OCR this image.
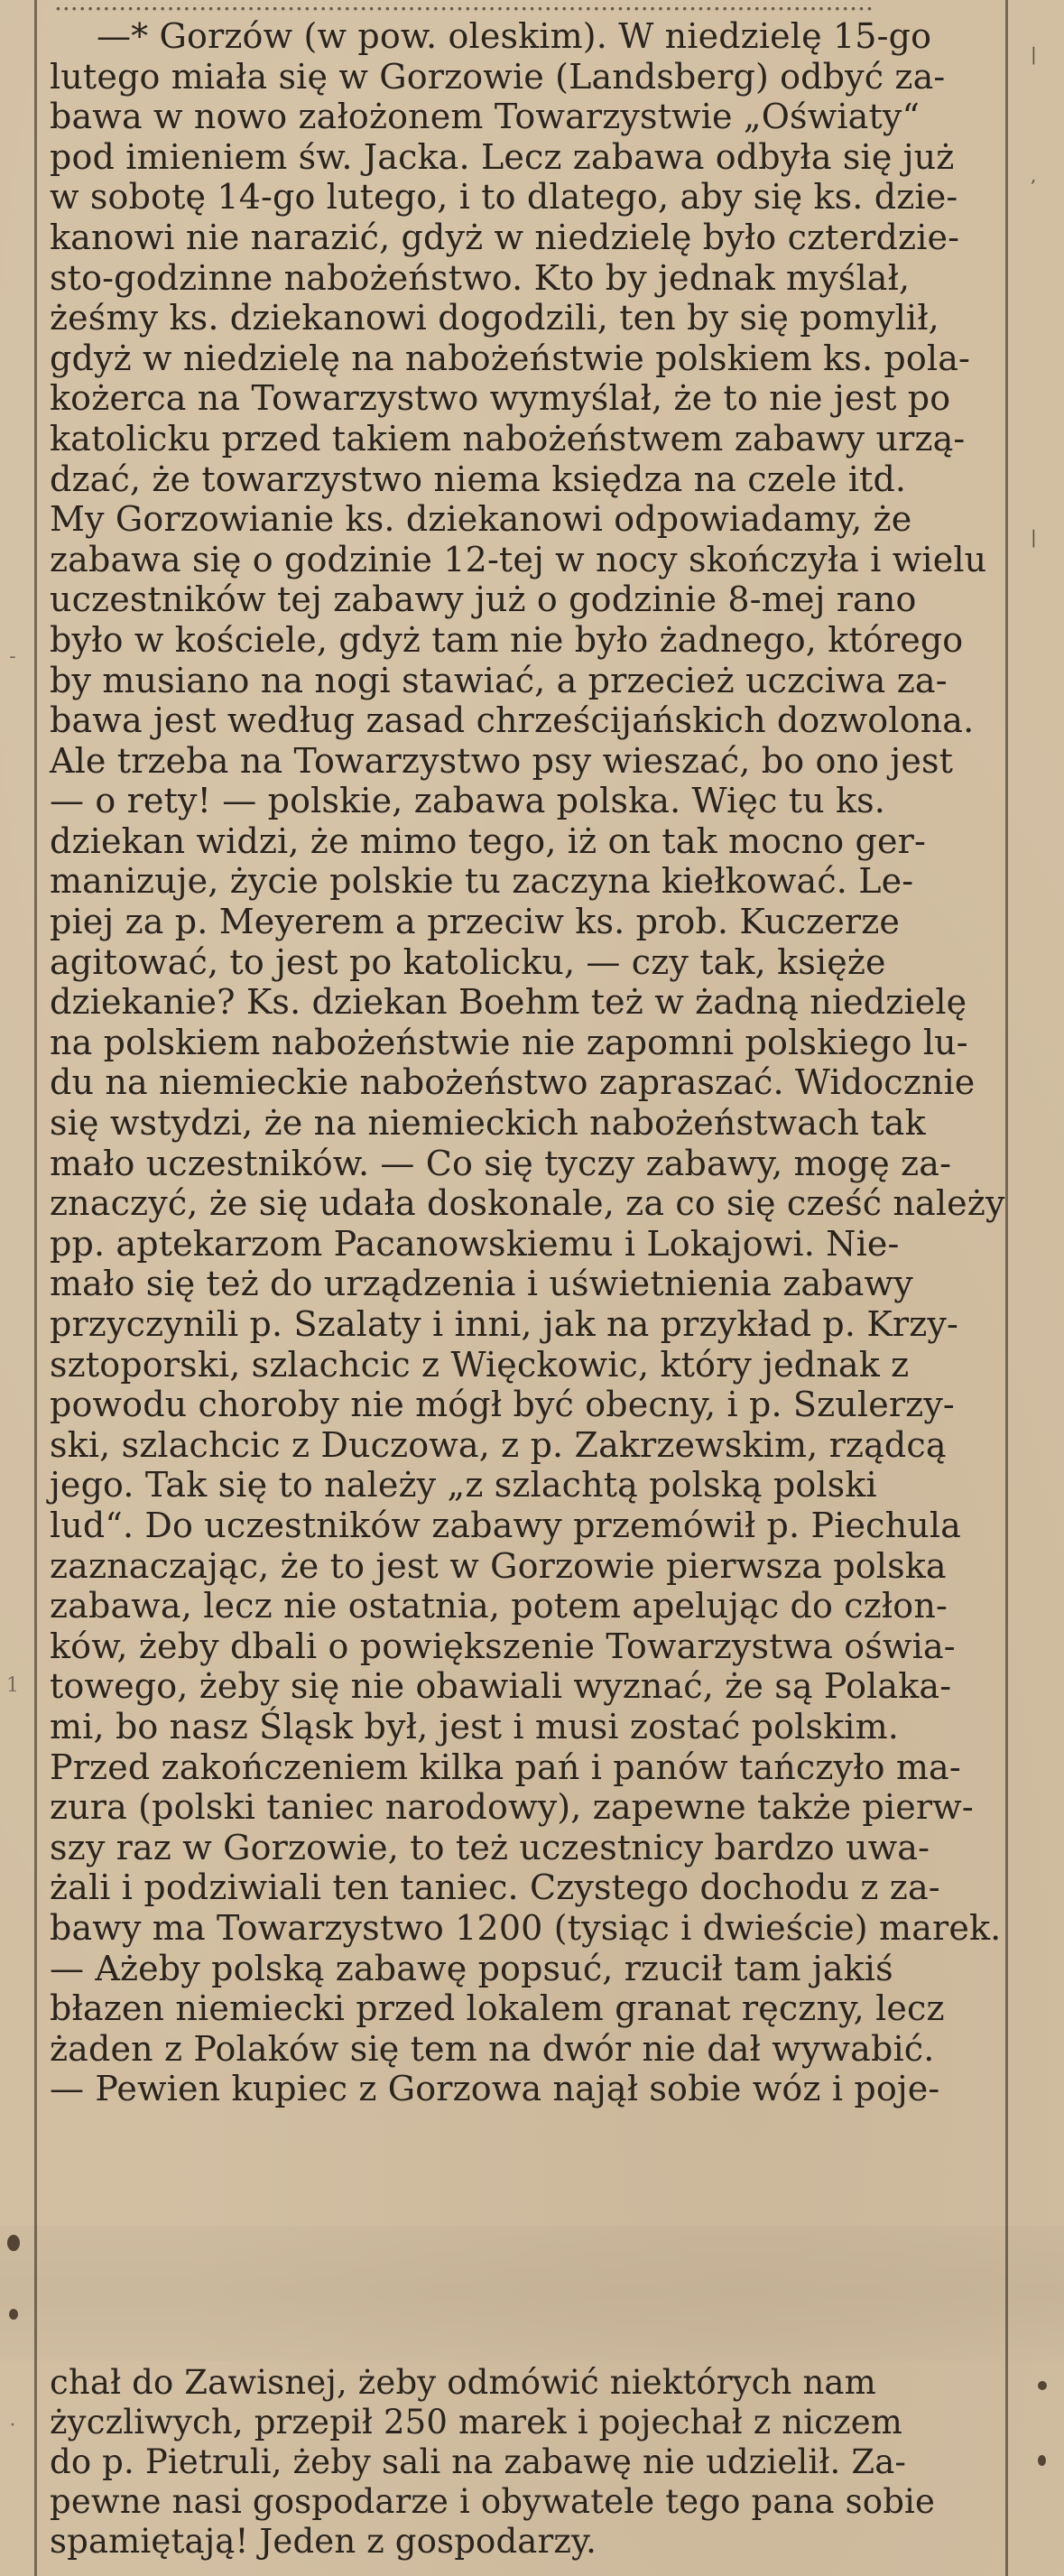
—* Gorzów (w pow. oleskim). W niedzielę 15-go
lutego miała się w Gorzowie (Landsberg) odbyć za-
bawa w nowo założonem Towarzystwie „Oświaty“
pod imieniem św. Jacka. Lecz zabawa odbyła się już
w sobotę 14-go lutego, i to dlatego, aby się ks. dzie-
kanowi nie narazić, gdyż w niedzielę było czterdzie-
sto-godzinne nabożeństwo. Kto by jednak myślał,
żeśmy ks. dziekanowi dogodzili, ten by się pomylił,
gdyż w niedzielę na nabożeństwie polskiem ks. pola-
kożerca na Towarzystwo wymyślał, że to nie jest po
katolicku przed takiem nabożeństwem zabawy urzą-
dzać, że towarzystwo niema księdza na czele itd.
My Gorzowianie ks. dziekanowi odpowiadamy, że
zabawa się o godzinie 12-tej w nocy skończyła i wielu
uczestników tej zabawy już o godzinie 8-mej rano
było w kościele, gdyż tam nie było żadnego, którego
by musiano na nogi stawiać, a przecież uczciwa za-
bawa jest według zasad chrześcijańskich dozwolona.
Ale trzeba na Towarzystwo psy wieszać, bo ono jest
— o rety! — polskie, zabawa polska. Więc tu ks.
dziekan widzi, że mimo tego, iż on tak mocno ger-
manizuje, życie polskie tu zaczyna kiełkować. Le-
piej za p. Meyerem a przeciw ks. prob. Kuczerze
agitować, to jest po katolicku, — czy tak, księże
dziekanie? Ks. dziekan Boehm też w żadną niedzielę
na polskiem nabożeństwie nie zapomni polskiego lu-
du na niemieckie nabożeństwo zapraszać. Widocznie
się wstydzi, że na niemieckich nabożeństwach tak
mało uczestników. — Co się tyczy zabawy, mogę za-
znaczyć, że się udała doskonale, za co się cześć należy
pp. aptekarzom Pacanowskiemu i Lokajowi. Nie-
mało się też do urządzenia i uświetnienia zabawy
przyczynili p. Szalaty i inni, jak na przykład p. Krzy-
sztoporski, szlachcic z Więckowic, który jednak z
powodu choroby nie mógł być obecny, i p. Szulerzy-
ski, szlachcic z Duczowa, z p. Zakrzewskim, rządcą
jego. Tak się to należy „z szlachtą polską polski
lud“. Do uczestników zabawy przemówił p. Piechula
zaznaczając, że to jest w Gorzowie pierwsza polska
zabawa, lecz nie ostatnia, potem apelując do człon-
ków, żeby dbali o powiększenie Towarzystwa oświa-
towego, żeby się nie obawiali wyznać, że są Polaka-
mi, bo nasz Śląsk był, jest i musi zostać polskim.
Przed zakończeniem kilka pań i panów tańczyło ma-
zura (polski taniec narodowy), zapewne także pierw-
szy raz w Gorzowie, to też uczestnicy bardzo uwa-
żali i podziwiali ten taniec. Czystego dochodu z za-
bawy ma Towarzystwo 1200 (tysiąc i dwieście) marek.
— Ażeby polską zabawę popsuć, rzucił tam jakiś
błazen niemiecki przed lokalem granat ręczny, lecz
żaden z Polaków się tem na dwór nie dał wywabić.
— Pewien kupiec z Gorzowa najął sobie wóz i poje-
chał do Zawisnej, żeby odmówić niektórych nam
życzliwych, przepił 250 marek i pojechał z niczem
do p. Pietruli, żeby sali na zabawę nie udzielił. Za-
pewne nasi gospodarze i obywatele tego pana sobie
spamiętają! Jeden z gospodarzy.
|
,
|
-
1
·
